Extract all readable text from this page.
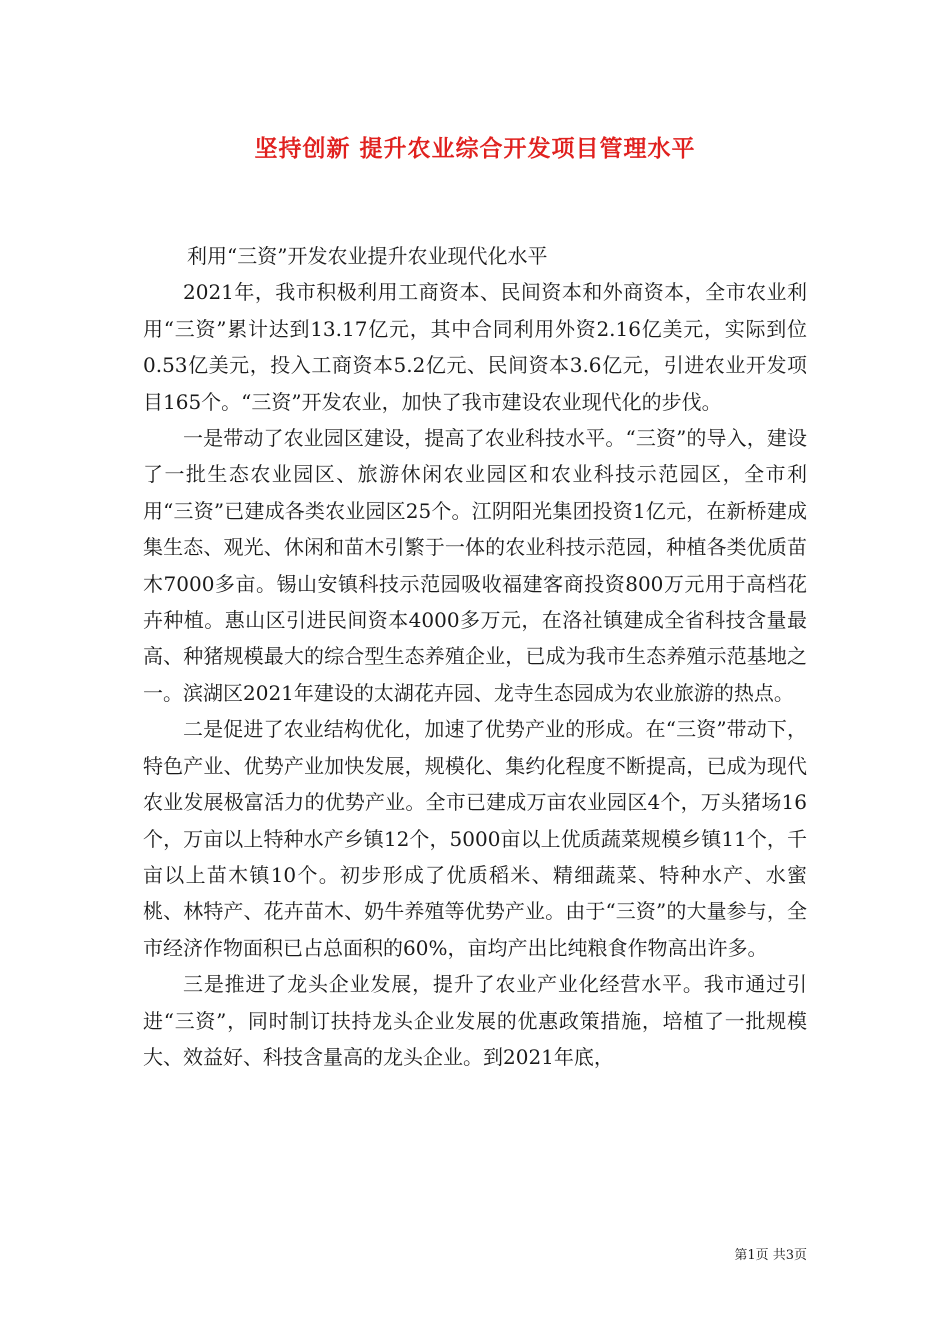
坚持创新 提升农业综合开发项目管理水平

利用“三资”开发农业提升农业现代化水平

2021年，我市积极利用工商资本、民间资本和外商资本，全市农业利用“三资”累计达到13.17亿元，其中合同利用外资2.16亿美元，实际到位0.53亿美元，投入工商资本5.2亿元、民间资本3.6亿元，引进农业开发项目165个。“三资”开发农业，加快了我市建设农业现代化的步伐。

一是带动了农业园区建设，提高了农业科技水平。“三资”的导入，建设了一批生态农业园区、旅游休闲农业园区和农业科技示范园区，全市利用“三资”已建成各类农业园区25个。江阴阳光集团投资1亿元，在新桥建成集生态、观光、休闲和苗木引繁于一体的农业科技示范园，种植各类优质苗木7000多亩。锡山安镇科技示范园吸收福建客商投资800万元用于高档花卉种植。惠山区引进民间资本4000多万元，在洛社镇建成全省科技含量最高、种猪规模最大的综合型生态养殖企业，已成为我市生态养殖示范基地之一。滨湖区2021年建设的太湖花卉园、龙寺生态园成为农业旅游的热点。

二是促进了农业结构优化，加速了优势产业的形成。在“三资”带动下，特色产业、优势产业加快发展，规模化、集约化程度不断提高，已成为现代农业发展极富活力的优势产业。全市已建成万亩农业园区4个，万头猪场16个，万亩以上特种水产乡镇12个，5000亩以上优质蔬菜规模乡镇11个，千亩以上苗木镇10个。初步形成了优质稻米、精细蔬菜、特种水产、水蜜桃、林特产、花卉苗木、奶牛养殖等优势产业。由于“三资”的大量参与，全市经济作物面积已占总面积的60%，亩均产出比纯粮食作物高出许多。

三是推进了龙头企业发展，提升了农业产业化经营水平。我市通过引进“三资”，同时制订扶持龙头企业发展的优惠政策措施，培植了一批规模大、效益好、科技含量高的龙头企业。到2021年底，

第1页 共3页
